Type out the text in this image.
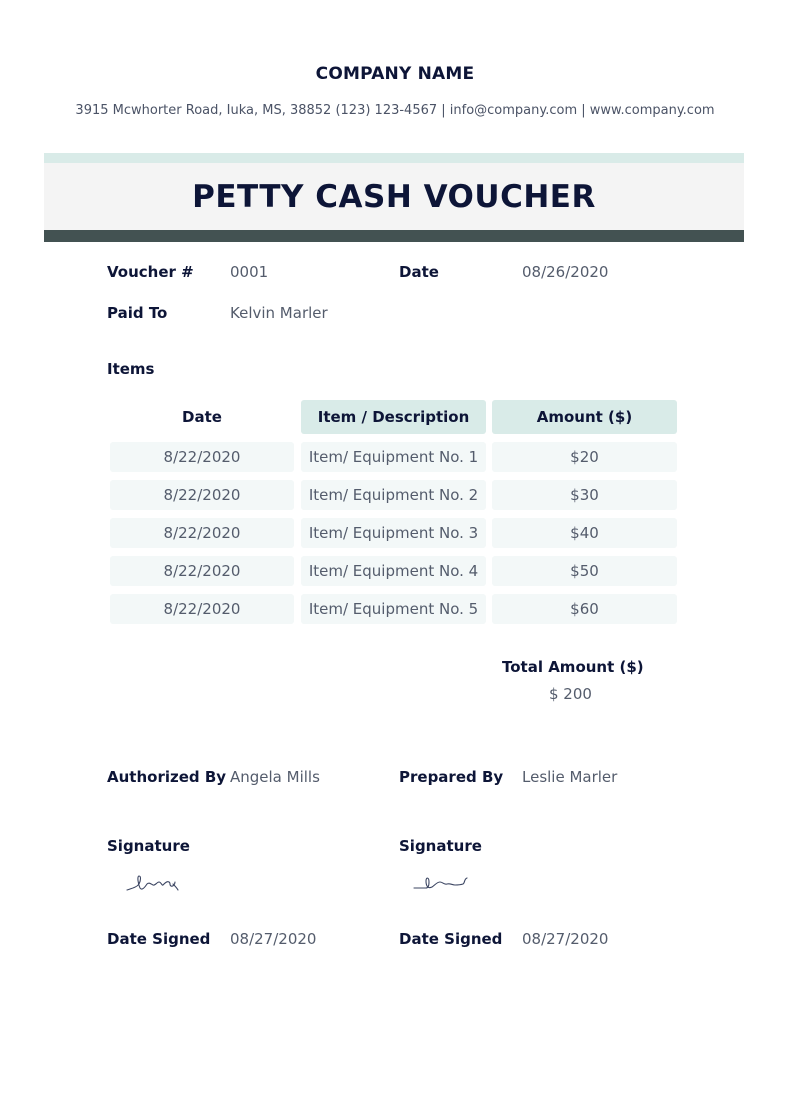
COMPANY NAME
3915 Mcwhorter Road, Iuka, MS, 38852 (123) 123-4567 | info@company.com | www.company.com
PETTY CASH VOUCHER
Voucher # 0001	Date	08/26/2020
Paid To	Kelvin Marler
Items
Date	Item / Description	Amount ($)
8/22/2020	Item/ Equipment No. 1	$20
8/22/2020	Item/ Equipment No. 2	$30
8/22/2020	Item/ Equipment No. 3	$40
8/22/2020	Item/ Equipment No. 4	$50
8/22/2020	Item/ Equipment No. 5	$60
Total Amount ($)
$ 200
Authorized By Angela Mills	Prepared By Leslie Marler
Signature	Signature
Date Signed 08/27/2020	Date Signed 08/27/2020
